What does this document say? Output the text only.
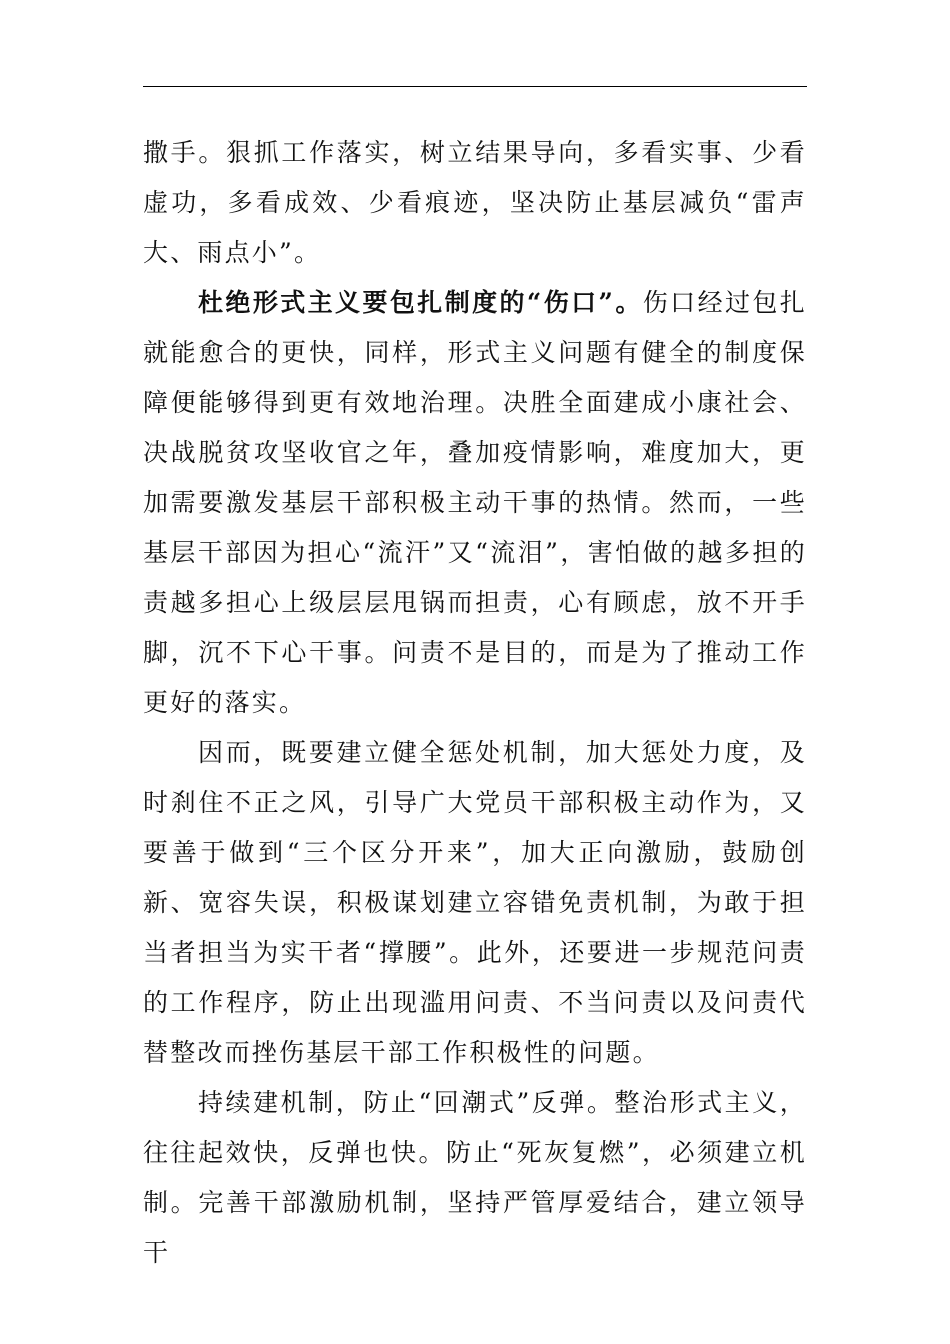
撒手。狠抓工作落实，树立结果导向，多看实事、少看虚功，多看成效、少看痕迹，坚决防止基层减负“雷声大、雨点小”。

杜绝形式主义要包扎制度的“伤口”。伤口经过包扎就能愈合的更快，同样，形式主义问题有健全的制度保障便能够得到更有效地治理。决胜全面建成小康社会、决战脱贫攻坚收官之年，叠加疫情影响，难度加大，更加需要激发基层干部积极主动干事的热情。然而，一些基层干部因为担心“流汗”又“流泪”，害怕做的越多担的责越多担心上级层层甩锅而担责，心有顾虑，放不开手脚，沉不下心干事。问责不是目的，而是为了推动工作更好的落实。

因而，既要建立健全惩处机制，加大惩处力度，及时刹住不正之风，引导广大党员干部积极主动作为，又要善于做到“三个区分开来”，加大正向激励，鼓励创新、宽容失误，积极谋划建立容错免责机制，为敢于担当者担当为实干者“撑腰”。此外，还要进一步规范问责的工作程序，防止出现滥用问责、不当问责以及问责代替整改而挫伤基层干部工作积极性的问题。

持续建机制，防止“回潮式”反弹。整治形式主义，往往起效快，反弹也快。防止“死灰复燃”，必须建立机制。完善干部激励机制，坚持严管厚爱结合，建立领导干
